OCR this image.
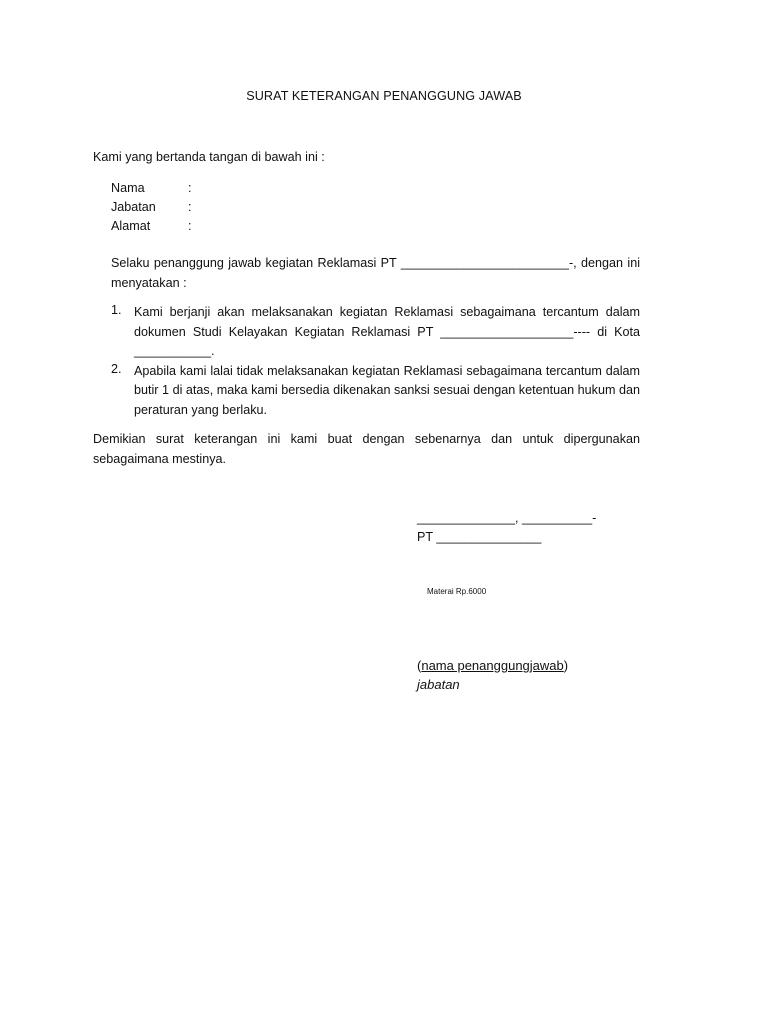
SURAT KETERANGAN PENANGGUNG JAWAB
Kami yang bertanda tangan di bawah ini :
Nama	:
Jabatan	:
Alamat	:
Selaku penanggung jawab kegiatan Reklamasi PT ________________________-, dengan ini menyatakan :
1. Kami berjanji akan melaksanakan kegiatan Reklamasi sebagaimana tercantum dalam dokumen Studi Kelayakan Kegiatan Reklamasi PT ___________________---- di Kota ___________.
2. Apabila kami lalai tidak melaksanakan kegiatan Reklamasi sebagaimana tercantum dalam butir 1 di atas, maka kami bersedia dikenakan sanksi sesuai dengan ketentuan hukum dan peraturan yang berlaku.
Demikian surat keterangan ini kami buat dengan sebenarnya dan untuk dipergunakan sebagaimana mestinya.
______________, __________-
PT _______________
Materai Rp.6000
(nama penanggungjawab)
jabatan
